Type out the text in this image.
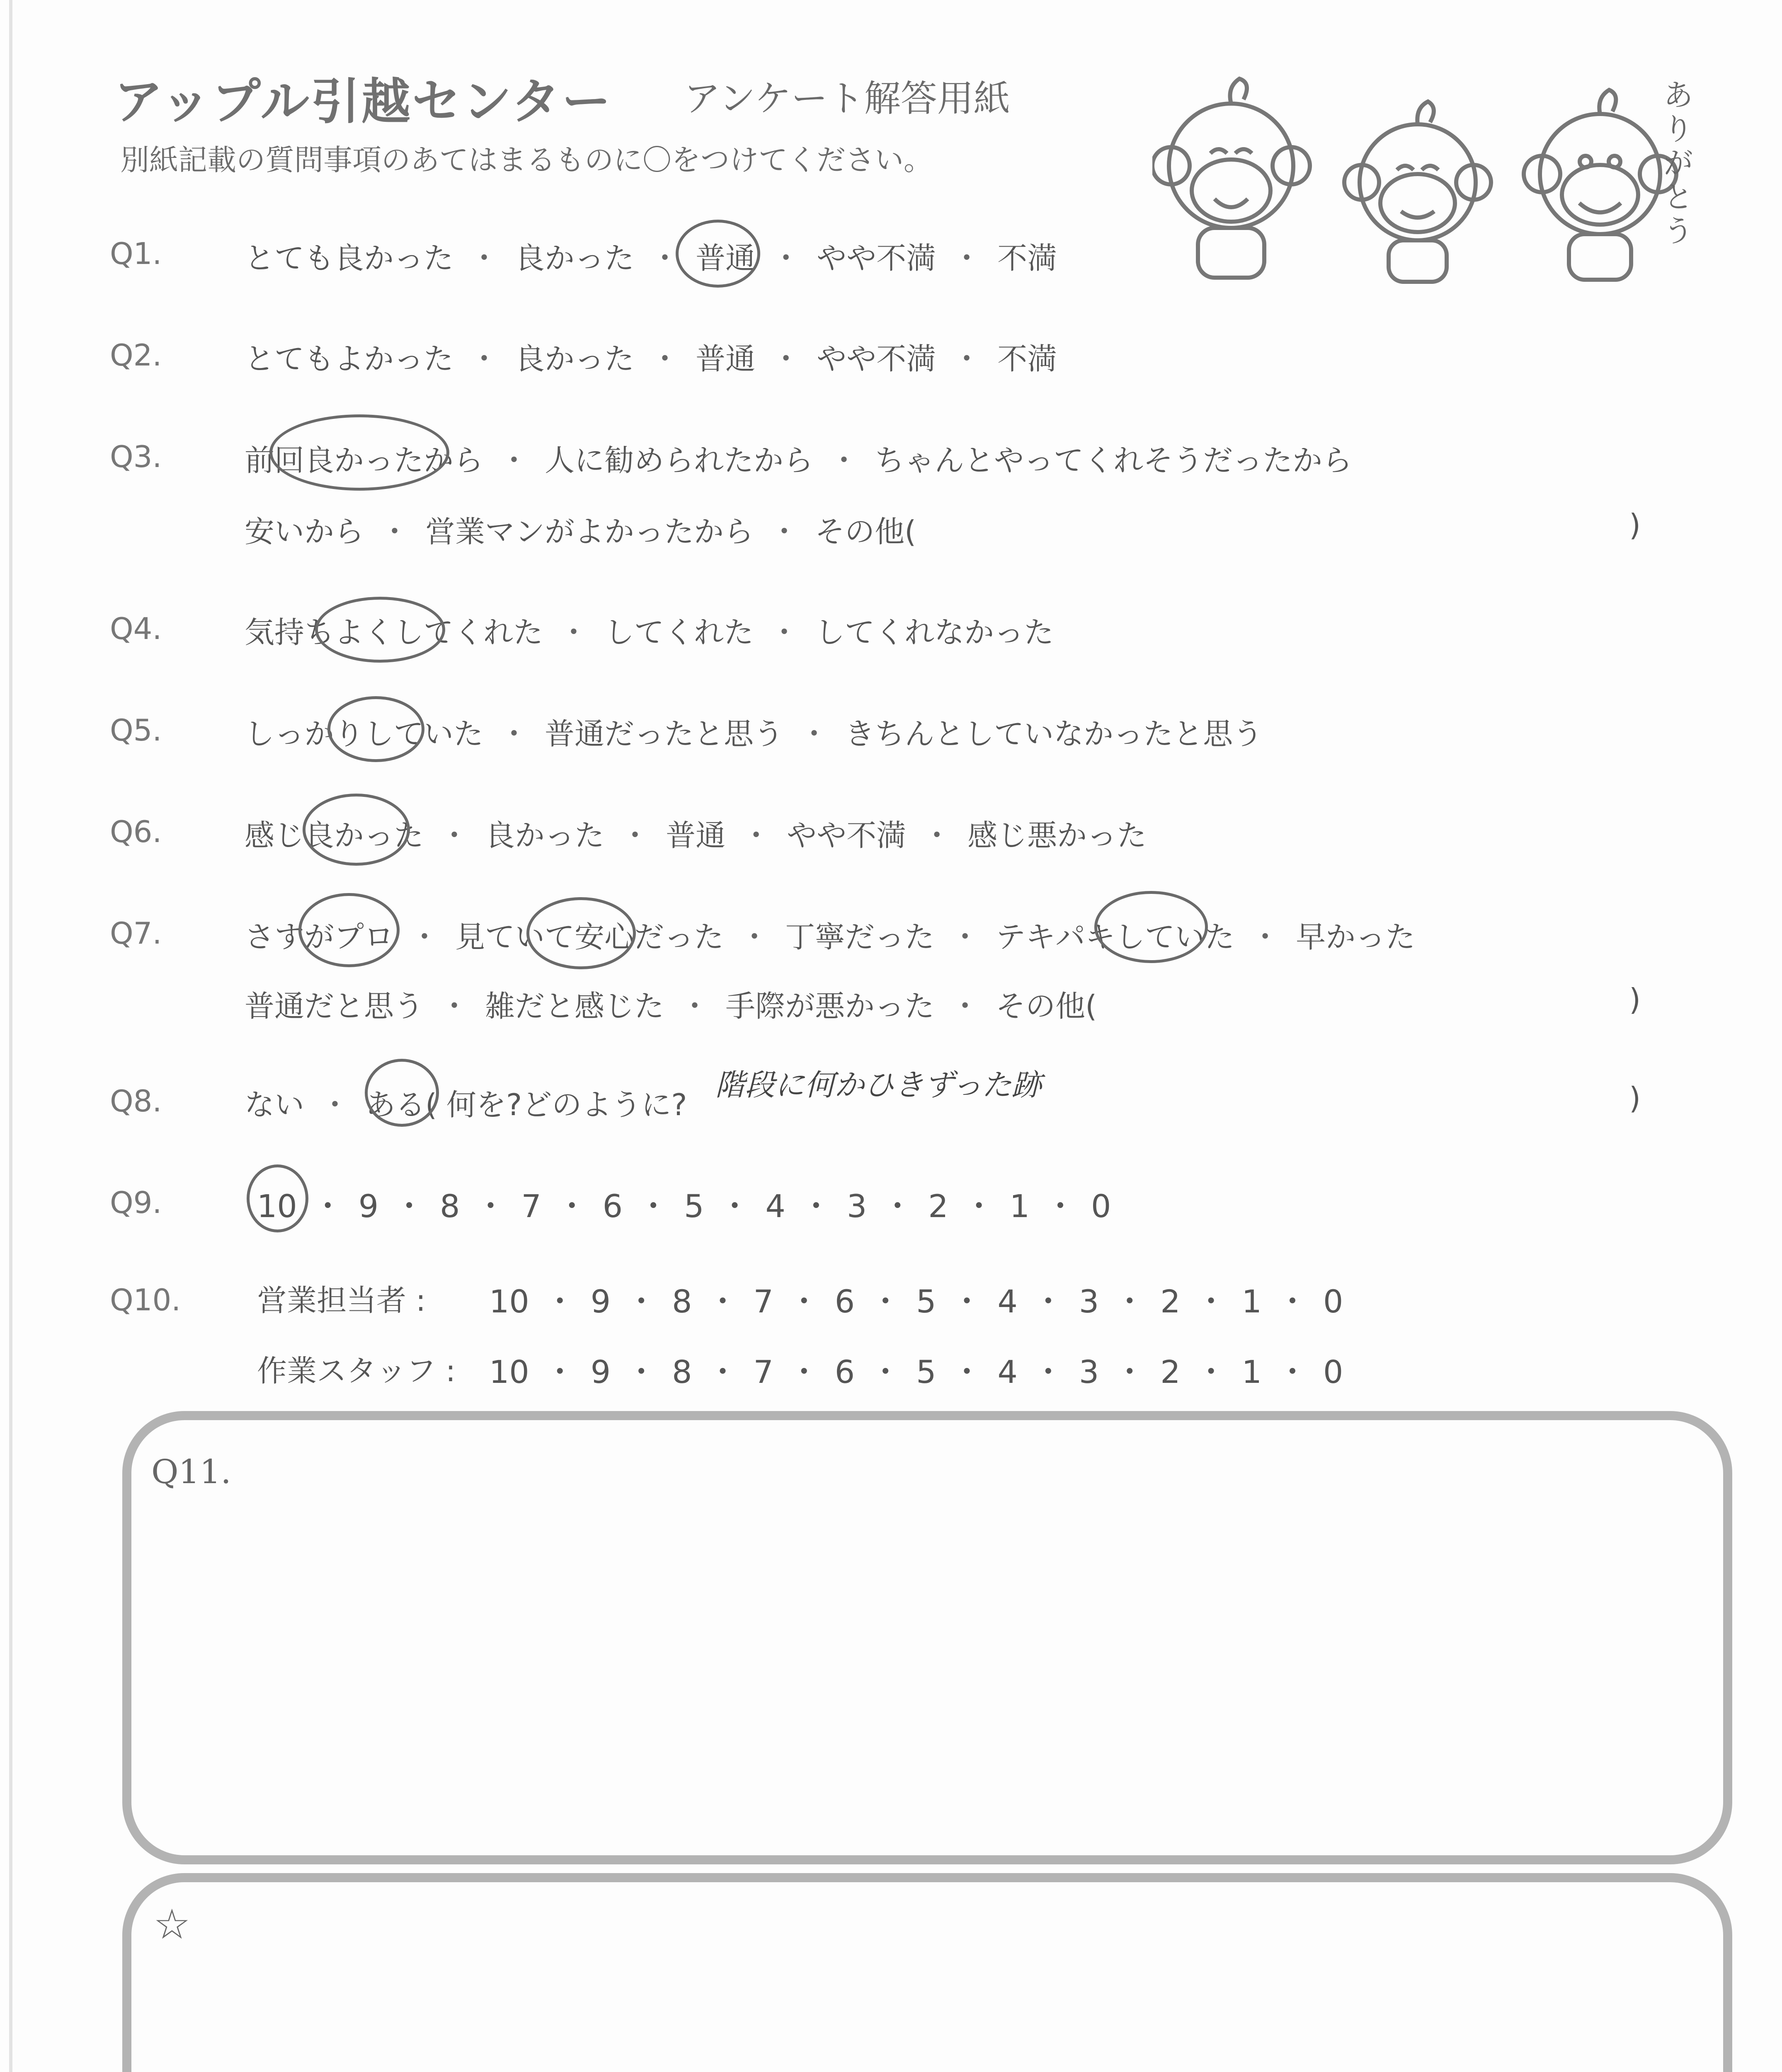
アップル引越センター アンケート解答用紙
別紙記載の質問事項のあてはまるものに〇をつけてください。	ありがとう
Q1.	とても良かった ・ 良かった ・ 普通 ・ やや不満 ・ 不満
Q2.	とてもよかった ・ 良かった ・ 普通 ・ やや不満 ・ 不満
Q3.	前回良かったから ・ 人に勧められたから ・ ちゃんとやってくれそうだったから
安いから ・ 営業マンがよかったから ・ その他(	)
Q4.	気持ちよくしてくれた ・ してくれた ・ してくれなかった
Q5.	しっかりしていた ・ 普通だったと思う ・ きちんとしていなかったと思う
Q6.	感じ良かった ・ 良かった ・ 普通 ・ やや不満 ・ 感じ悪かった
Q7.	さすがプロ ・ 見ていて安心だった ・ 丁寧だった ・ テキパキしていた ・ 早かった
普通だと思う ・ 雑だと感じた ・ 手際が悪かった ・ その他(	)
Q8.	ない ・ ある( 何を?どのように?
階段に何かひきずった跡	)
Q9.	10 ・ 9 ・ 8 ・ 7 ・ 6 ・ 5 ・ 4 ・ 3 ・ 2 ・ 1 ・ 0
Q10.	営業担当者 : 10 ・ 9 ・ 8 ・ 7 ・ 6 ・ 5 ・ 4 ・ 3 ・ 2 ・ 1 ・ 0
作業スタッフ : 10 ・ 9 ・ 8 ・ 7 ・ 6 ・ 5 ・ 4 ・ 3 ・ 2 ・ 1 ・ 0
Q11.
☆
